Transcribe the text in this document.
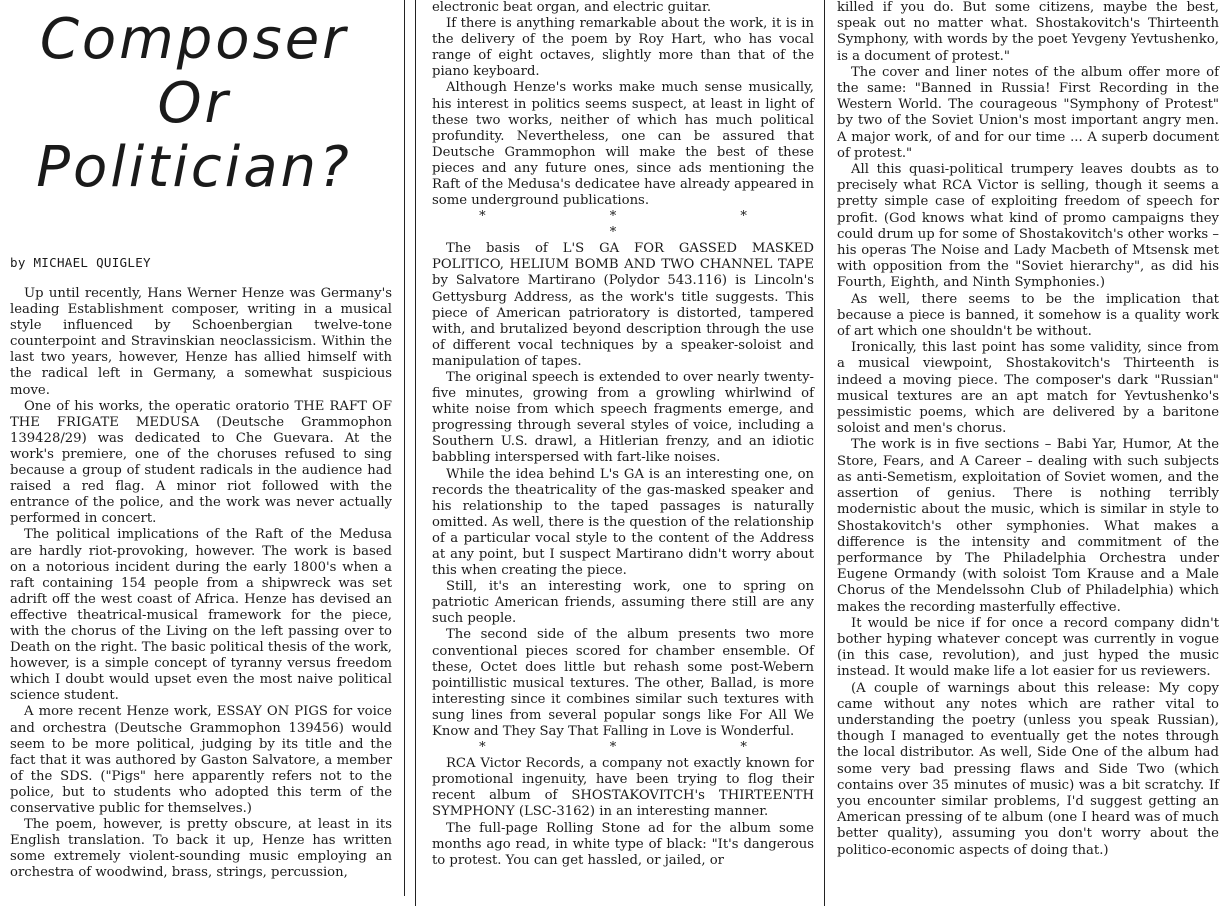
Composer
Or
Politician?
by MICHAEL QUIGLEY

Up until recently, Hans Werner Henze was Germany's leading Establishment composer, writing in a musical style influenced by Schoenbergian twelve-tone counterpoint and Stravinskian neoclassicism. Within the last two years, however, Henze has allied himself with the radical left in Germany, a somewhat suspicious move.

One of his works, the operatic oratorio THE RAFT OF THE FRIGATE MEDUSA (Deutsche Grammophon 139428/29) was dedicated to Che Guevara. At the work's premiere, one of the choruses refused to sing because a group of student radicals in the audience had raised a red flag. A minor riot followed with the entrance of the police, and the work was never actually performed in concert.

The political implications of the Raft of the Medusa are hardly riot-provoking, however. The work is based on a notorious incident during the early 1800's when a raft containing 154 people from a shipwreck was set adrift off the west coast of Africa. Henze has devised an effective theatrical-musical framework for the piece, with the chorus of the Living on the left passing over to Death on the right. The basic political thesis of the work, however, is a simple concept of tyranny versus freedom which I doubt would upset even the most naive political science student.

A more recent Henze work, ESSAY ON PIGS for voice and orchestra (Deutsche Grammophon 139456) would seem to be more political, judging by its title and the fact that it was authored by Gaston Salvatore, a member of the SDS. ("Pigs" here apparently refers not to the police, but to students who adopted this term of the conservative public for themselves.)

The poem, however, is pretty obscure, at least in its English translation. To back it up, Henze has written some extremely violent-sounding music employing an orchestra of woodwind, brass, strings, percussion,

electronic beat organ, and electric guitar.

If there is anything remarkable about the work, it is in the delivery of the poem by Roy Hart, who has vocal range of eight octaves, slightly more than that of the piano keyboard.

Although Henze's works make much sense musically, his interest in politics seems suspect, at least in light of these two works, neither of which has much political profundity. Nevertheless, one can be assured that Deutsche Grammophon will make the best of these pieces and any future ones, since ads mentioning the Raft of the Medusa's dedicatee have already appeared in some underground publications.

* * * *

The basis of L'S GA FOR GASSED MASKED POLITICO, HELIUM BOMB AND TWO CHANNEL TAPE by Salvatore Martirano (Polydor 543.116) is Lincoln's Gettysburg Address, as the work's title suggests. This piece of American patrioratory is distorted, tampered with, and brutalized beyond description through the use of different vocal techniques by a speaker-soloist and manipulation of tapes.

The original speech is extended to over nearly twenty-five minutes, growing from a growling whirlwind of white noise from which speech fragments emerge, and progressing through several styles of voice, including a Southern U.S. drawl, a Hitlerian frenzy, and an idiotic babbling interspersed with fart-like noises.

While the idea behind L's GA is an interesting one, on records the theatricality of the gas-masked speaker and his relationship to the taped passages is naturally omitted. As well, there is the question of the relationship of a particular vocal style to the content of the Address at any point, but I suspect Martirano didn't worry about this when creating the piece.

Still, it's an interesting work, one to spring on patriotic American friends, assuming there still are any such people.

The second side of the album presents two more conventional pieces scored for chamber ensemble. Of these, Octet does little but rehash some post-Webern pointillistic musical textures. The other, Ballad, is more interesting since it combines similar such textures with sung lines from several popular songs like For All We Know and They Say That Falling in Love is Wonderful.

* * *

RCA Victor Records, a company not exactly known for promotional ingenuity, have been trying to flog their recent album of SHOSTAKOVITCH's THIRTEENTH SYMPHONY (LSC-3162) in an interesting manner.

The full-page Rolling Stone ad for the album some months ago read, in white type of black: "It's dangerous to protest. You can get hassled, or jailed, or

killed if you do. But some citizens, maybe the best, speak out no matter what. Shostakovitch's Thirteenth Symphony, with words by the poet Yevgeny Yevtushenko, is a document of protest."

The cover and liner notes of the album offer more of the same: "Banned in Russia! First Recording in the Western World. The courageous "Symphony of Protest" by two of the Soviet Union's most important angry men. A major work, of and for our time ... A superb document of protest."

All this quasi-political trumpery leaves doubts as to precisely what RCA Victor is selling, though it seems a pretty simple case of exploiting freedom of speech for profit. (God knows what kind of promo campaigns they could drum up for some of Shostakovitch's other works – his operas The Noise and Lady Macbeth of Mtsensk met with opposition from the "Soviet hierarchy", as did his Fourth, Eighth, and Ninth Symphonies.)

As well, there seems to be the implication that because a piece is banned, it somehow is a quality work of art which one shouldn't be without.

Ironically, this last point has some validity, since from a musical viewpoint, Shostakovitch's Thirteenth is indeed a moving piece. The composer's dark "Russian" musical textures are an apt match for Yevtushenko's pessimistic poems, which are delivered by a baritone soloist and men's chorus.

The work is in five sections – Babi Yar, Humor, At the Store, Fears, and A Career – dealing with such subjects as anti-Semetism, exploitation of Soviet women, and the assertion of genius. There is nothing terribly modernistic about the music, which is similar in style to Shostakovitch's other symphonies. What makes a difference is the intensity and commitment of the performance by The Philadelphia Orchestra under Eugene Ormandy (with soloist Tom Krause and a Male Chorus of the Mendelssohn Club of Philadelphia) which makes the recording masterfully effective.

It would be nice if for once a record company didn't bother hyping whatever concept was currently in vogue (in this case, revolution), and just hyped the music instead. It would make life a lot easier for us reviewers.

(A couple of warnings about this release: My copy came without any notes which are rather vital to understanding the poetry (unless you speak Russian), though I managed to eventually get the notes through the local distributor. As well, Side One of the album had some very bad pressing flaws and Side Two (which contains over 35 minutes of music) was a bit scratchy. If you encounter similar problems, I'd suggest getting an American pressing of te album (one I heard was of much better quality), assuming you don't worry about the politico-economic aspects of doing that.)
